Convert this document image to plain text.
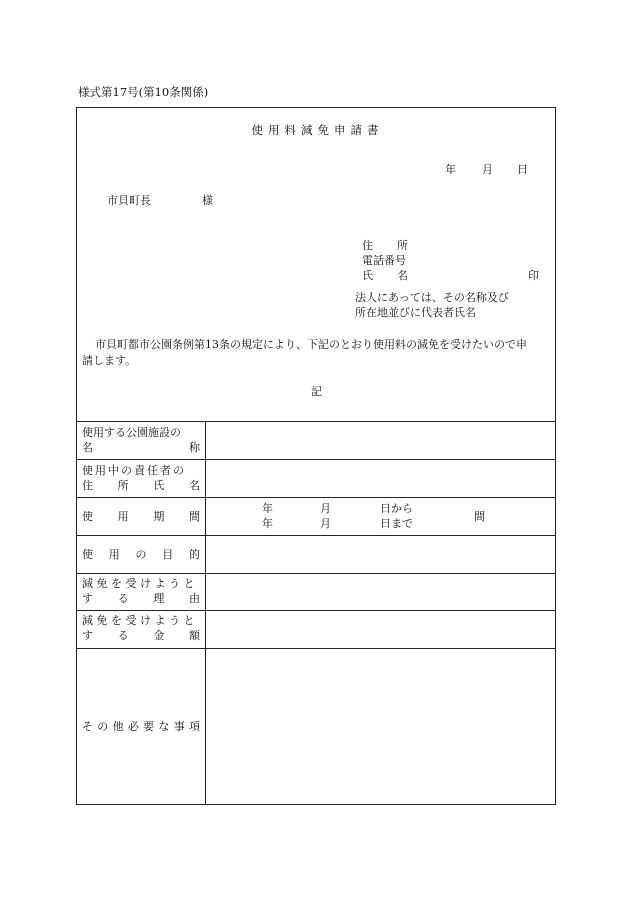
様式第17号(第10条関係)
使用料減免申請書
年 月 日
市貝町長	様
住 所
電話番号
氏 名	印
法人にあっては、その名称及び
所在地並びに代表者氏名
市貝町都市公園条例第13条の規定により、下記のとおり使用料の減免を受けたいので申
請します。
記
使用する公園施設の
名	称
使用中の責任者の
住 所 氏 名
使 用 期 間
年	月	日から
年	月	日まで
間
使 用 の 目 的
減免を受けようと
す る 理 由
減免を受けようと
す る 金 額
そ の 他 必 要 な 事 項
